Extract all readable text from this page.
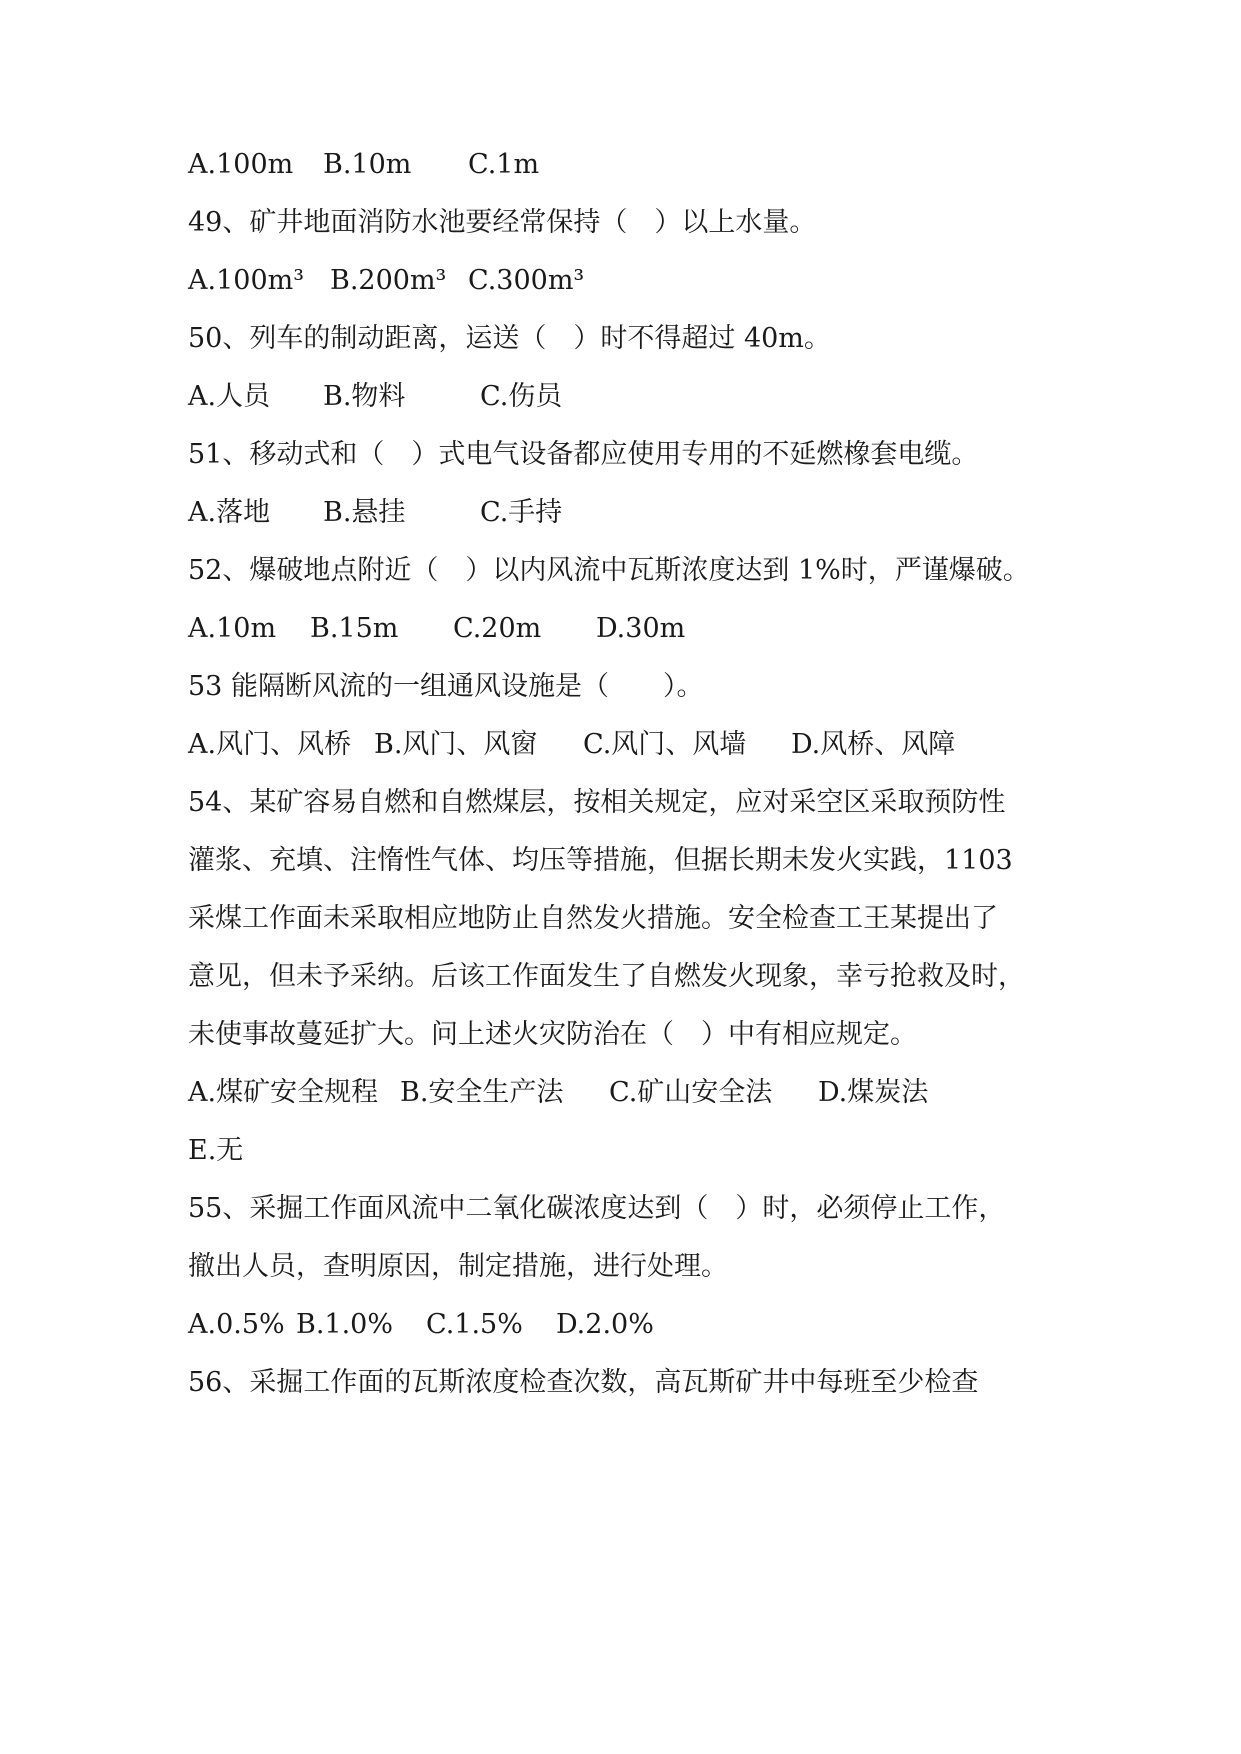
A.100m B.10m C.1m
49、矿井地面消防水池要经常保持（　）以上水量。
A.100m³ B.200m³ C.300m³
50、列车的制动距离，运送（　）时不得超过 40m。
A.人员 B.物料	C.伤员
51、移动式和（　）式电气设备都应使用专用的不延燃橡套电缆。
A.落地 B.悬挂	C.手持
52、爆破地点附近（　）以内风流中瓦斯浓度达到 1%时，严谨爆破。
A.10m B.15m C.20m D.30m
53 能隔断风流的一组通风设施是（　　）。
A.风门、风桥 B.风门、风窗 C.风门、风墙 D.风桥、风障
54、某矿容易自燃和自燃煤层，按相关规定，应对采空区采取预防性
灌浆、充填、注惰性气体、均压等措施，但据长期未发火实践，1103
采煤工作面未采取相应地防止自然发火措施。安全检查工王某提出了
意见，但未予采纳。后该工作面发生了自燃发火现象，幸亏抢救及时，
未使事故蔓延扩大。问上述火灾防治在（　）中有相应规定。
A.煤矿安全规程 B.安全生产法 C.矿山安全法 D.煤炭法
E.无
55、采掘工作面风流中二氧化碳浓度达到（　）时，必须停止工作，
撤出人员，查明原因，制定措施，进行处理。
A.0.5% B.1.0% C.1.5% D.2.0%
56、采掘工作面的瓦斯浓度检查次数，高瓦斯矿井中每班至少检查
